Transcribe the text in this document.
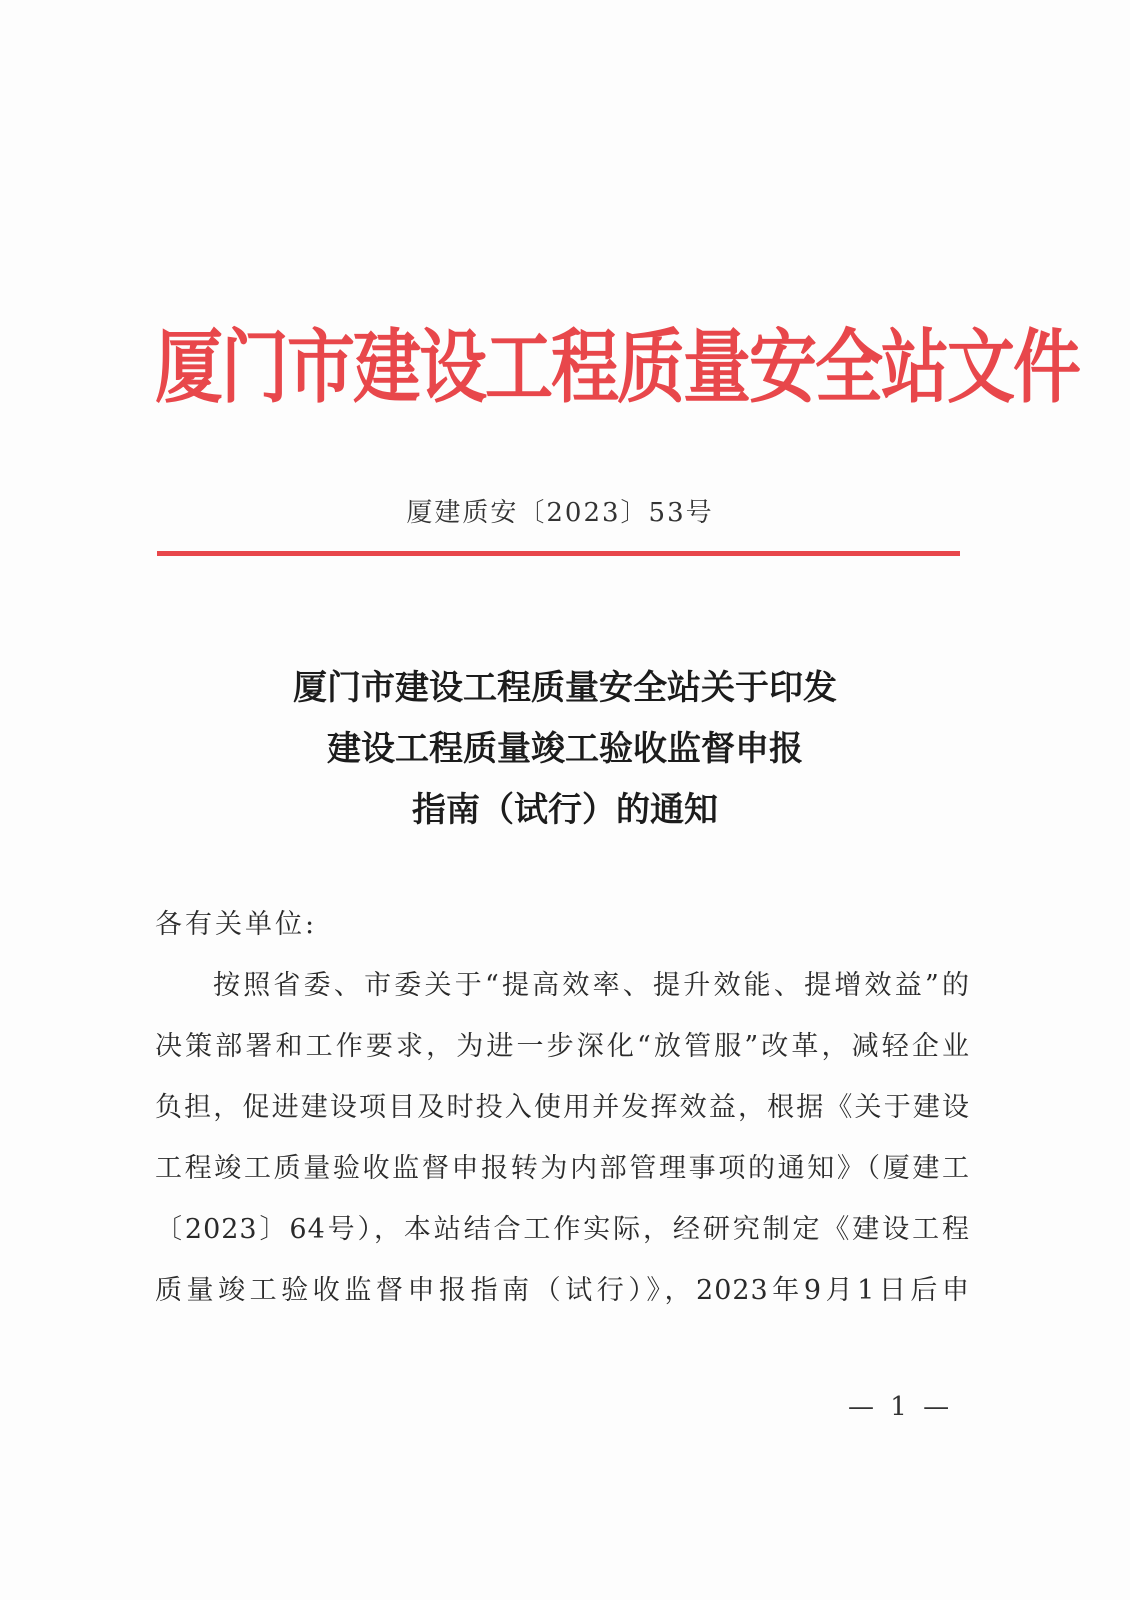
厦门市建设工程质量安全站文件
厦建质安〔2023〕53号
厦门市建设工程质量安全站关于印发
建设工程质量竣工验收监督申报
指南（试行）的通知
各有关单位:
按照省委、市委关于“提高效率、提升效能、提增效益”的
决策部署和工作要求，为进一步深化“放管服”改革，减轻企业
负担，促进建设项目及时投入使用并发挥效益，根据《关于建设
工程竣工质量验收监督申报转为内部管理事项的通知》（厦建工
〔2023〕64号），本站结合工作实际，经研究制定《建设工程
质量竣工验收监督申报指南（试行）》，2023年9月1日后申
— 1 —
